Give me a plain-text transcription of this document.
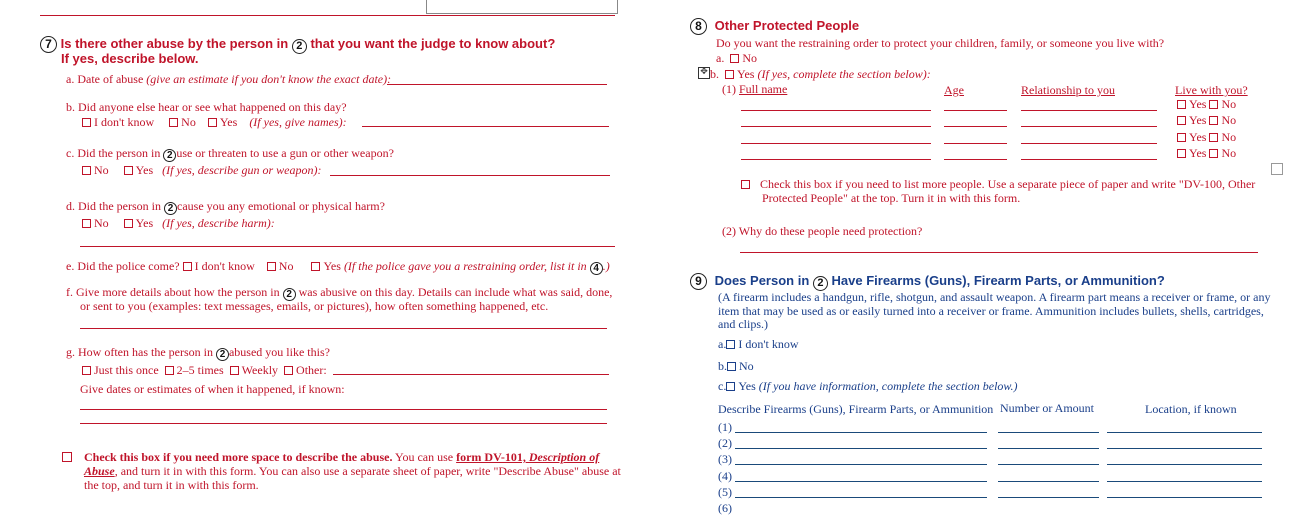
7 Is there other abuse by the person in 2 that you want the judge to know about?
If yes, describe below.
a. Date of abuse (give an estimate if you don't know the exact date):
b. Did anyone else hear or see what happened on this day?
I don't know No Yes (If yes, give names):
c. Did the person in 2 use or threaten to use a gun or other weapon?
No Yes (If yes, describe gun or weapon):
d. Did the person in 2 cause you any emotional or physical harm?
No Yes (If yes, describe harm):
e. Did the police come? I don't know No	Yes (If the police gave you a restraining order, list it in 4 .)
f. Give more details about how the person in 2 was abusive on this day. Details can include what was said, done,
or sent to you (examples: text messages, emails, or pictures), how often something happened, etc.
g. How often has the person in 2 abused you like this?
Just this once 2–5 times Weekly Other:
Give dates or estimates of when it happened, if known:
Check this box if you need more space to describe the abuse. You can use form DV-101, Description of
Abuse, and turn it in with this form. You can also use a separate sheet of paper, write "Describe Abuse" abuse at
the top, and turn it in with this form.
8 Other Protected People
Do you want the restraining order to protect your children, family, or someone you live with?
a. No
✥ b. Yes (If yes, complete the section below):
(1) Full name	Age	Relationship to you	Live with you?
Yes No
Yes No
Yes No
Yes No
Check this box if you need to list more people. Use a separate piece of paper and write "DV-100, Other
Protected People" at the top. Turn it in with this form.
(2) Why do these people need protection?
9 Does Person in 2 Have Firearms (Guns), Firearm Parts, or Ammunition?
(A firearm includes a handgun, rifle, shotgun, and assault weapon. A firearm part means a receiver or frame, or any
item that may be used as or easily turned into a receiver or frame. Ammunition includes bullets, shells, cartridges,
and clips.)
a. I don't know
b. No
c. Yes (If you have information, complete the section below.)
Describe Firearms (Guns), Firearm Parts, or Ammunition Number or Amount	Location, if known
(1)
(2)
(3)
(4)
(5)
(6)
